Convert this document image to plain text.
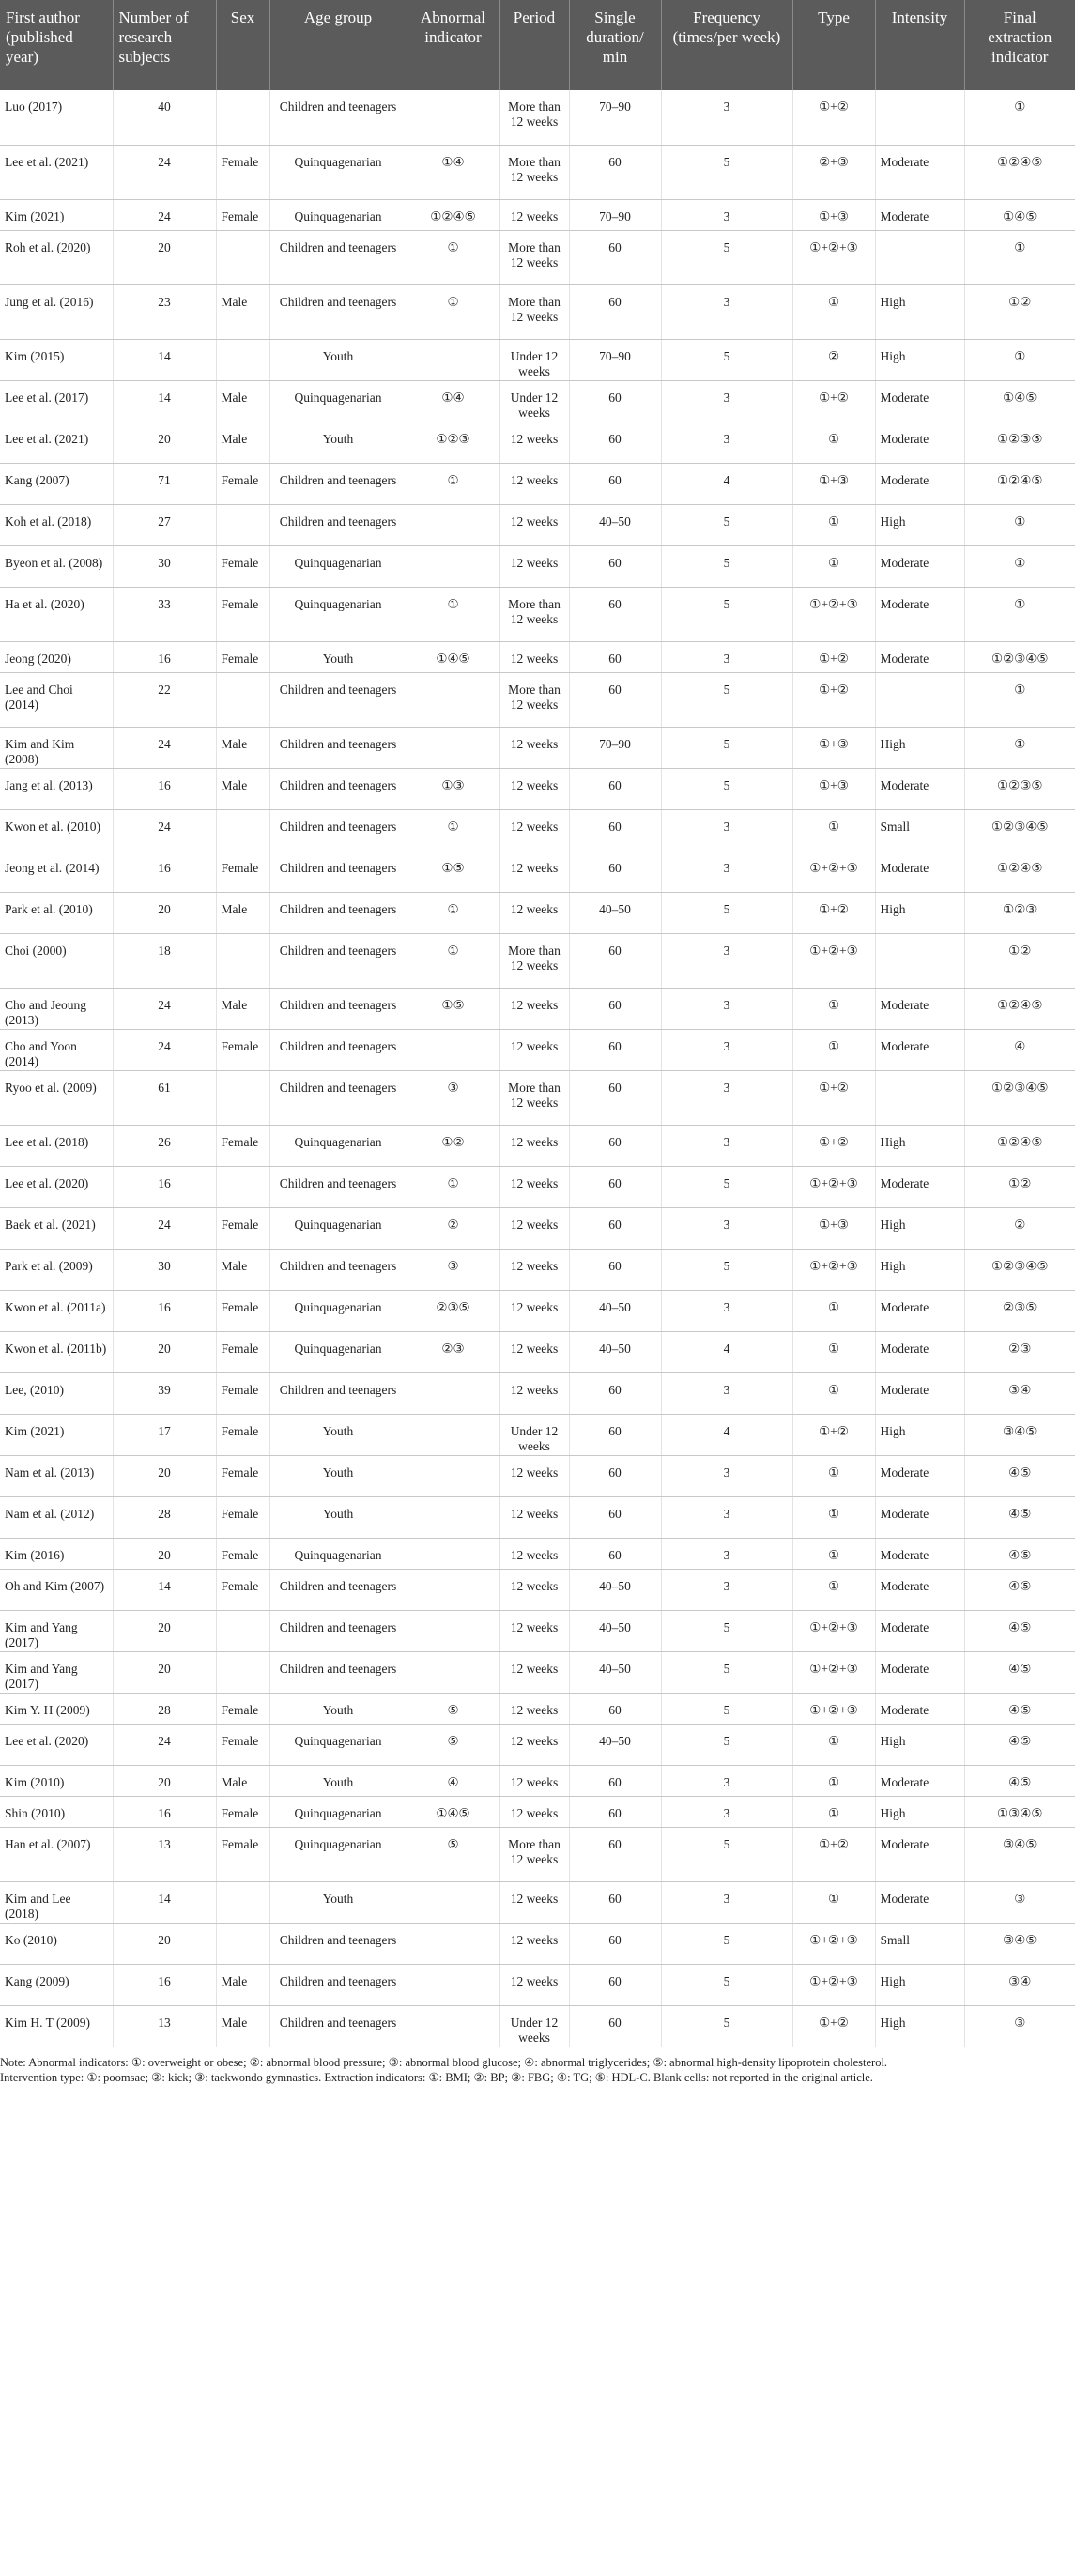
First author (published year)	Number of research subjects	Sex	Age group	Abnormal indicator	Period	Single duration/ min	Frequency (times/per week)	Type	Intensity	Final extraction indicator
Luo (2017)	40		Children and teenagers		More than 12 weeks	70–90	3	①+②		①
Lee et al. (2021)	24	Female	Quinquagenarian	①④	More than 12 weeks	60	5	②+③	Moderate	①②④⑤
Kim (2021)	24	Female	Quinquagenarian	①②④⑤	12 weeks	70–90	3	①+③	Moderate	①④⑤
Roh et al. (2020)	20		Children and teenagers	①	More than 12 weeks	60	5	①+②+③		①
Jung et al. (2016)	23	Male	Children and teenagers	①	More than 12 weeks	60	3	①	High	①②
Kim (2015)	14		Youth		Under 12 weeks	70–90	5	②	High	①
Lee et al. (2017)	14	Male	Quinquagenarian	①④	Under 12 weeks	60	3	①+②	Moderate	①④⑤
Lee et al. (2021)	20	Male	Youth	①②③	12 weeks	60	3	①	Moderate	①②③⑤
Kang (2007)	71	Female	Children and teenagers	①	12 weeks	60	4	①+③	Moderate	①②④⑤
Koh et al. (2018)	27		Children and teenagers		12 weeks	40–50	5	①	High	①
Byeon et al. (2008)	30	Female	Quinquagenarian		12 weeks	60	5	①	Moderate	①
Ha et al. (2020)	33	Female	Quinquagenarian	①	More than 12 weeks	60	5	①+②+③	Moderate	①
Jeong (2020)	16	Female	Youth	①④⑤	12 weeks	60	3	①+②	Moderate	①②③④⑤
Lee and Choi (2014)	22		Children and teenagers		More than 12 weeks	60	5	①+②		①
Kim and Kim (2008)	24	Male	Children and teenagers		12 weeks	70–90	5	①+③	High	①
Jang et al. (2013)	16	Male	Children and teenagers	①③	12 weeks	60	5	①+③	Moderate	①②③⑤
Kwon et al. (2010)	24		Children and teenagers	①	12 weeks	60	3	①	Small	①②③④⑤
Jeong et al. (2014)	16	Female	Children and teenagers	①⑤	12 weeks	60	3	①+②+③	Moderate	①②④⑤
Park et al. (2010)	20	Male	Children and teenagers	①	12 weeks	40–50	5	①+②	High	①②③
Choi (2000)	18		Children and teenagers	①	More than 12 weeks	60	3	①+②+③		①②
Cho and Jeoung (2013)	24	Male	Children and teenagers	①⑤	12 weeks	60	3	①	Moderate	①②④⑤
Cho and Yoon (2014)	24	Female	Children and teenagers		12 weeks	60	3	①	Moderate	④
Ryoo et al. (2009)	61		Children and teenagers	③	More than 12 weeks	60	3	①+②		①②③④⑤
Lee et al. (2018)	26	Female	Quinquagenarian	①②	12 weeks	60	3	①+②	High	①②④⑤
Lee et al. (2020)	16		Children and teenagers	①	12 weeks	60	5	①+②+③	Moderate	①②
Baek et al. (2021)	24	Female	Quinquagenarian	②	12 weeks	60	3	①+③	High	②
Park et al. (2009)	30	Male	Children and teenagers	③	12 weeks	60	5	①+②+③	High	①②③④⑤
Kwon et al. (2011a)	16	Female	Quinquagenarian	②③⑤	12 weeks	40–50	3	①	Moderate	②③⑤
Kwon et al. (2011b)	20	Female	Quinquagenarian	②③	12 weeks	40–50	4	①	Moderate	②③
Lee, (2010)	39	Female	Children and teenagers		12 weeks	60	3	①	Moderate	③④
Kim (2021)	17	Female	Youth		Under 12 weeks	60	4	①+②	High	③④⑤
Nam et al. (2013)	20	Female	Youth		12 weeks	60	3	①	Moderate	④⑤
Nam et al. (2012)	28	Female	Youth		12 weeks	60	3	①	Moderate	④⑤
Kim (2016)	20	Female	Quinquagenarian		12 weeks	60	3	①	Moderate	④⑤
Oh and Kim (2007)	14	Female	Children and teenagers		12 weeks	40–50	3	①	Moderate	④⑤
Kim and Yang (2017)	20		Children and teenagers		12 weeks	40–50	5	①+②+③	Moderate	④⑤
Kim and Yang (2017)	20		Children and teenagers		12 weeks	40–50	5	①+②+③	Moderate	④⑤
Kim Y. H (2009)	28	Female	Youth	⑤	12 weeks	60	5	①+②+③	Moderate	④⑤
Lee et al. (2020)	24	Female	Quinquagenarian	⑤	12 weeks	40–50	5	①	High	④⑤
Kim (2010)	20	Male	Youth	④	12 weeks	60	3	①	Moderate	④⑤
Shin (2010)	16	Female	Quinquagenarian	①④⑤	12 weeks	60	3	①	High	①③④⑤
Han et al. (2007)	13	Female	Quinquagenarian	⑤	More than 12 weeks	60	5	①+②	Moderate	③④⑤
Kim and Lee (2018)	14		Youth		12 weeks	60	3	①	Moderate	③
Ko (2010)	20		Children and teenagers		12 weeks	60	5	①+②+③	Small	③④⑤
Kang (2009)	16	Male	Children and teenagers		12 weeks	60	5	①+②+③	High	③④
Kim H. T (2009)	13	Male	Children and teenagers		Under 12 weeks	60	5	①+②	High	③
Note: Abnormal indicators: ①: overweight or obese; ②: abnormal blood pressure; ③: abnormal blood glucose; ④: abnormal triglycerides; ⑤: abnormal high-density lipoprotein cholesterol.
Intervention type: ①: poomsae; ②: kick; ③: taekwondo gymnastics. Extraction indicators: ①: BMI; ②: BP; ③: FBG; ④: TG; ⑤: HDL-C. Blank cells: not reported in the original article.
